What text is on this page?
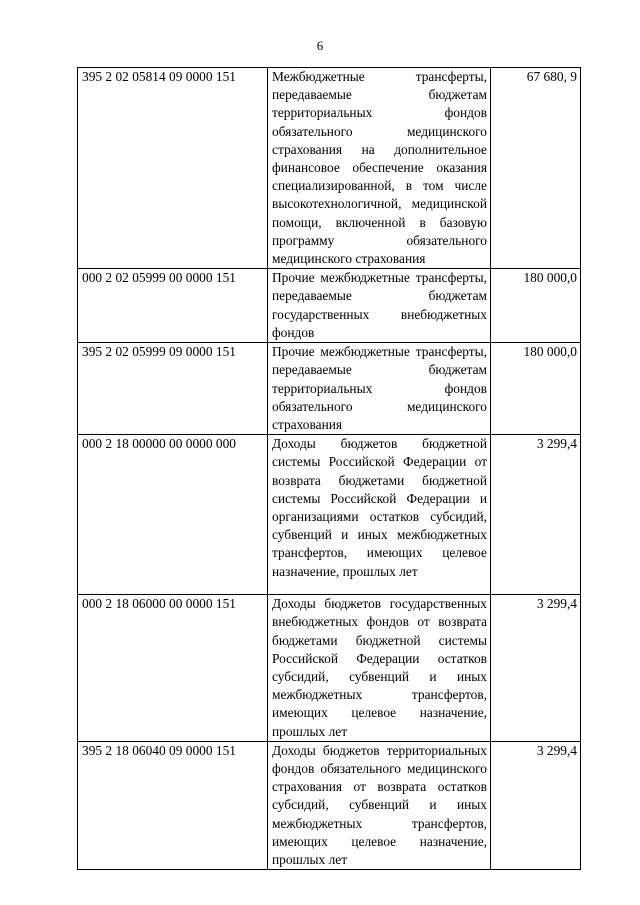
6
395 2 02 05814 09 0000 151	Межбюджетные трансферты, передаваемые бюджетам территориальных фондов обязательного медицинского страхования на дополнительное финансовое обеспечение оказания специализированной, в том числе высокотехнологичной, медицинской помощи, включенной в базовую программу обязательного медицинского страхования	67 680, 9
000 2 02 05999 00 0000 151	Прочие межбюджетные трансферты, передаваемые бюджетам государственных внебюджетных фондов	180 000,0
395 2 02 05999 09 0000 151	Прочие межбюджетные трансферты, передаваемые бюджетам территориальных фондов обязательного медицинского страхования	180 000,0
000 2 18 00000 00 0000 000	Доходы бюджетов бюджетной системы Российской Федерации от возврата бюджетами бюджетной системы Российской Федерации и организациями остатков субсидий, субвенций и иных межбюджетных трансфертов, имеющих целевое назначение, прошлых лет	3 299,4
000 2 18 06000 00 0000 151	Доходы бюджетов государственных внебюджетных фондов от возврата бюджетами бюджетной системы Российской Федерации остатков субсидий, субвенций и иных межбюджетных трансфертов, имеющих целевое назначение, прошлых лет	3 299,4
395 2 18 06040 09 0000 151	Доходы бюджетов территориальных фондов обязательного медицинского страхования от возврата остатков субсидий, субвенций и иных межбюджетных трансфертов, имеющих целевое назначение, прошлых лет	3 299,4
